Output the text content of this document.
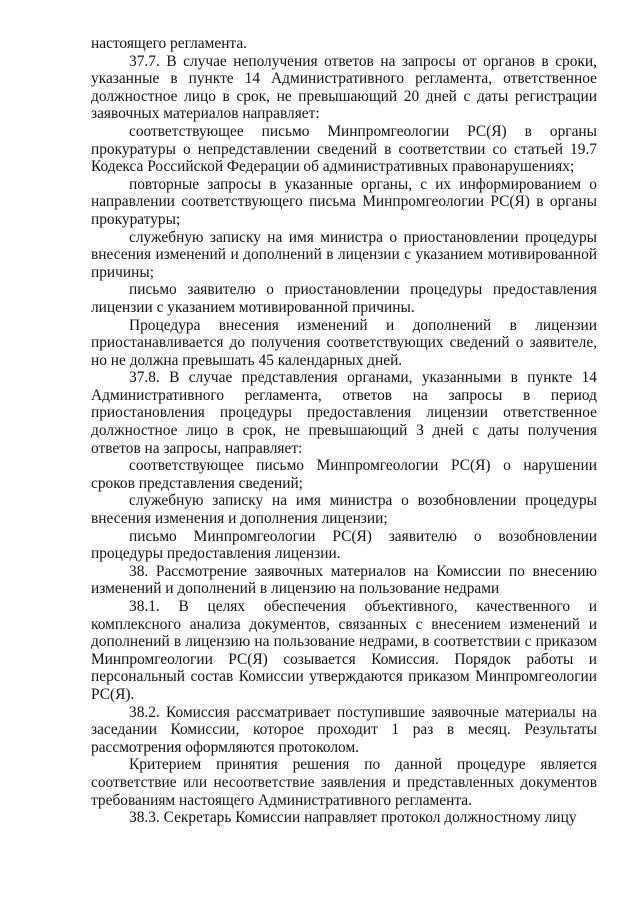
настоящего регламента.

37.7. В случае неполучения ответов на запросы от органов в сроки, указанные в пункте 14 Административного регламента, ответственное должностное лицо в срок, не превышающий 20 дней с даты регистрации заявочных материалов направляет:

соответствующее письмо Минпромгеологии РС(Я) в органы прокуратуры о непредставлении сведений в соответствии со статьей 19.7 Кодекса Российской Федерации об административных правонарушениях;

повторные запросы в указанные органы, с их информированием о направлении соответствующего письма Минпромгеологии РС(Я) в органы прокуратуры;

служебную записку на имя министра о приостановлении процедуры внесения изменений и дополнений в лицензии с указанием мотивированной причины;

письмо заявителю о приостановлении процедуры предоставления лицензии с указанием мотивированной причины.

Процедура внесения изменений и дополнений в лицензии приостанавливается до получения соответствующих сведений о заявителе, но не должна превышать 45 календарных дней.

37.8. В случае представления органами, указанными в пункте 14 Административного регламента, ответов на запросы в период приостановления процедуры предоставления лицензии ответственное должностное лицо в срок, не превышающий 3 дней с даты получения ответов на запросы, направляет:

соответствующее письмо Минпромгеологии РС(Я) о нарушении сроков представления сведений;

служебную записку на имя министра о возобновлении процедуры внесения изменения и дополнения лицензии;

письмо Минпромгеологии РС(Я) заявителю о возобновлении процедуры предоставления лицензии.

38. Рассмотрение заявочных материалов на Комиссии по внесению изменений и дополнений в лицензию на пользование недрами

38.1. В целях обеспечения объективного, качественного и комплексного анализа документов, связанных с внесением изменений и дополнений в лицензию на пользование недрами, в соответствии с приказом Минпромгеологии РС(Я) созывается Комиссия. Порядок работы и персональный состав Комиссии утверждаются приказом Минпромгеологии РС(Я).

38.2. Комиссия рассматривает поступившие заявочные материалы на заседании Комиссии, которое проходит 1 раз в месяц. Результаты рассмотрения оформляются протоколом.

Критерием принятия решения по данной процедуре является соответствие или несоответствие заявления и представленных документов требованиям настоящего Административного регламента.

38.3. Секретарь Комиссии направляет протокол должностному лицу
